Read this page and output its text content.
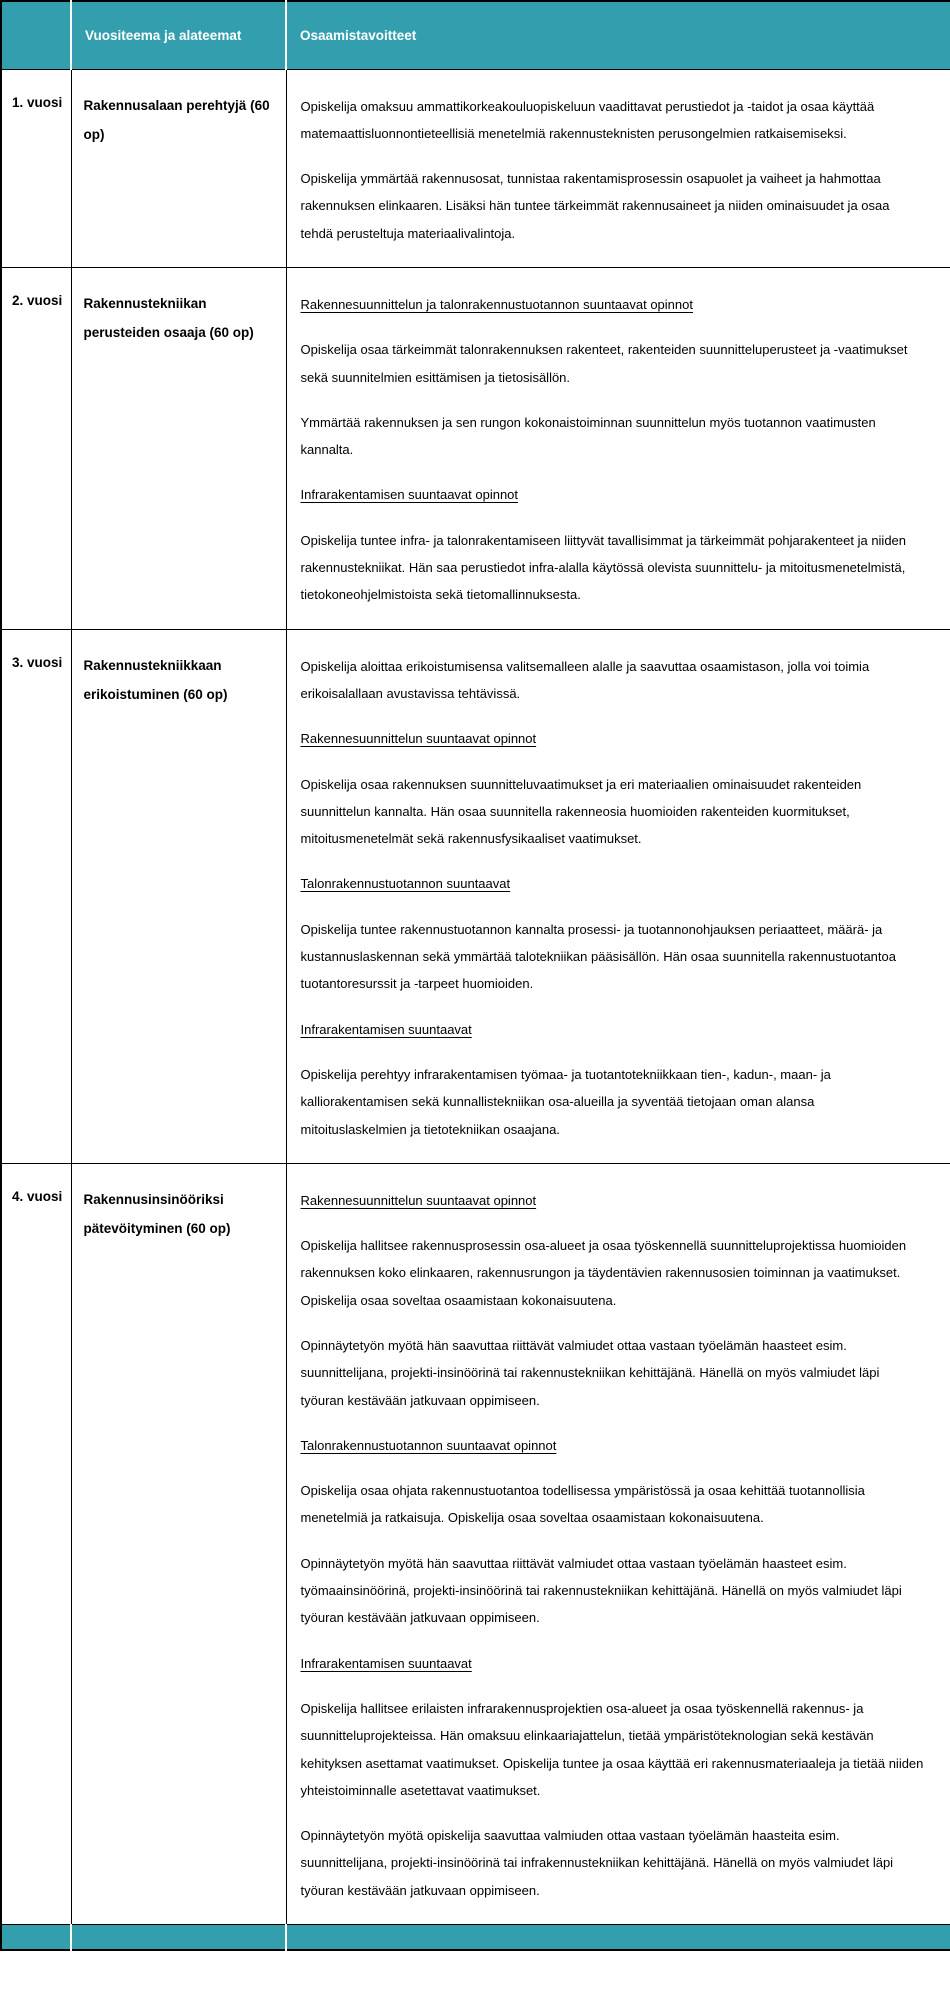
	Vuositeema ja alateemat	Osaamistavoitteet
1. vuosi	Rakennusalaan perehtyjä (60 op)	Opiskelija omaksuu ammattikorkeakouluopiskeluun vaadittavat perustiedot ja -taidot ja osaa käyttää matemaattisluonnontieteellisiä menetelmiä rakennusteknisten perusongelmien ratkaisemiseksi.
Opiskelija ymmärtää rakennusosat, tunnistaa rakentamisprosessin osapuolet ja vaiheet ja hahmottaa rakennuksen elinkaaren. Lisäksi hän tuntee tärkeimmät rakennusaineet ja niiden ominaisuudet ja osaa tehdä perusteltuja materiaalivalintoja.

2. vuosi	Rakennustekniikan perusteiden osaaja (60 op)	Rakennesuunnittelun ja talonrakennustuotannon suuntaavat opinnot
Opiskelija osaa tärkeimmät talonrakennuksen rakenteet, rakenteiden suunnitteluperusteet ja -vaatimukset sekä suunnitelmien esittämisen ja tietosisällön.
Ymmärtää rakennuksen ja sen rungon kokonaistoiminnan suunnittelun myös tuotannon vaatimusten kannalta.
Infrarakentamisen suuntaavat opinnot
Opiskelija tuntee infra- ja talonrakentamiseen liittyvät tavallisimmat ja tärkeimmät pohjarakenteet ja niiden rakennustekniikat. Hän saa perustiedot infra-alalla käytössä olevista suunnittelu- ja mitoitusmenetelmistä, tietokoneohjelmistoista sekä tietomallinnuksesta.

3. vuosi	Rakennustekniikkaan erikoistuminen (60 op)	
Opiskelija aloittaa erikoistumisensa valitsemalleen alalle ja saavuttaa osaamistason, jolla voi toimia erikoisalallaan avustavissa tehtävissä.
Rakennesuunnittelun suuntaavat opinnot
Opiskelija osaa rakennuksen suunnitteluvaatimukset ja eri materiaalien ominaisuudet rakenteiden suunnittelun kannalta. Hän osaa suunnitella rakenneosia huomioiden rakenteiden kuormitukset, mitoitusmenetelmät sekä rakennusfysikaaliset vaatimukset.
Talonrakennustuotannon suuntaavat
Opiskelija tuntee rakennustuotannon kannalta prosessi- ja tuotannonohjauksen periaatteet, määrä- ja kustannuslaskennan sekä ymmärtää talotekniikan pääsisällön. Hän osaa suunnitella rakennustuotantoa tuotantoresurssit ja -tarpeet huomioiden.
Infrarakentamisen suuntaavat
Opiskelija perehtyy infrarakentamisen työmaa- ja tuotantotekniikkaan tien-, kadun-, maan- ja kalliorakentamisen sekä kunnallistekniikan osa-alueilla ja syventää tietojaan oman alansa mitoituslaskelmien ja tietotekniikan osaajana.

4. vuosi	Rakennusinsinööriksi pätevöityminen (60 op)	
Rakennesuunnittelun suuntaavat opinnot
Opiskelija hallitsee rakennusprosessin osa-alueet ja osaa työskennellä suunnitteluprojektissa huomioiden rakennuksen koko elinkaaren, rakennusrungon ja täydentävien rakennusosien toiminnan ja vaatimukset. Opiskelija osaa soveltaa osaamistaan kokonaisuutena.
Opinnäytetyön myötä hän saavuttaa riittävät valmiudet ottaa vastaan työelämän haasteet esim. suunnittelijana, projekti-insinöörinä tai rakennustekniikan kehittäjänä. Hänellä on myös valmiudet läpi työuran kestävään jatkuvaan oppimiseen.
Talonrakennustuotannon suuntaavat opinnot
Opiskelija osaa ohjata rakennustuotantoa todellisessa ympäristössä ja osaa kehittää tuotannollisia menetelmiä ja ratkaisuja. Opiskelija osaa soveltaa osaamistaan kokonaisuutena.
Opinnäytetyön myötä hän saavuttaa riittävät valmiudet ottaa vastaan työelämän haasteet esim. työmaainsinöörinä, projekti-insinöörinä tai rakennustekniikan kehittäjänä. Hänellä on myös valmiudet läpi työuran kestävään jatkuvaan oppimiseen.
Infrarakentamisen suuntaavat
Opiskelija hallitsee erilaisten infrarakennusprojektien osa-alueet ja osaa työskennellä rakennus- ja suunnitteluprojekteissa. Hän omaksuu elinkaariajattelun, tietää ympäristöteknologian sekä kestävän kehityksen asettamat vaatimukset. Opiskelija tuntee ja osaa käyttää eri rakennusmateriaaleja ja tietää niiden yhteistoiminnalle asetettavat vaatimukset.
Opinnäytetyön myötä opiskelija saavuttaa valmiuden ottaa vastaan työelämän haasteita esim. suunnittelijana, projekti-insinöörinä tai infrakennustekniikan kehittäjänä. Hänellä on myös valmiudet läpi työuran kestävään jatkuvaan oppimiseen.
